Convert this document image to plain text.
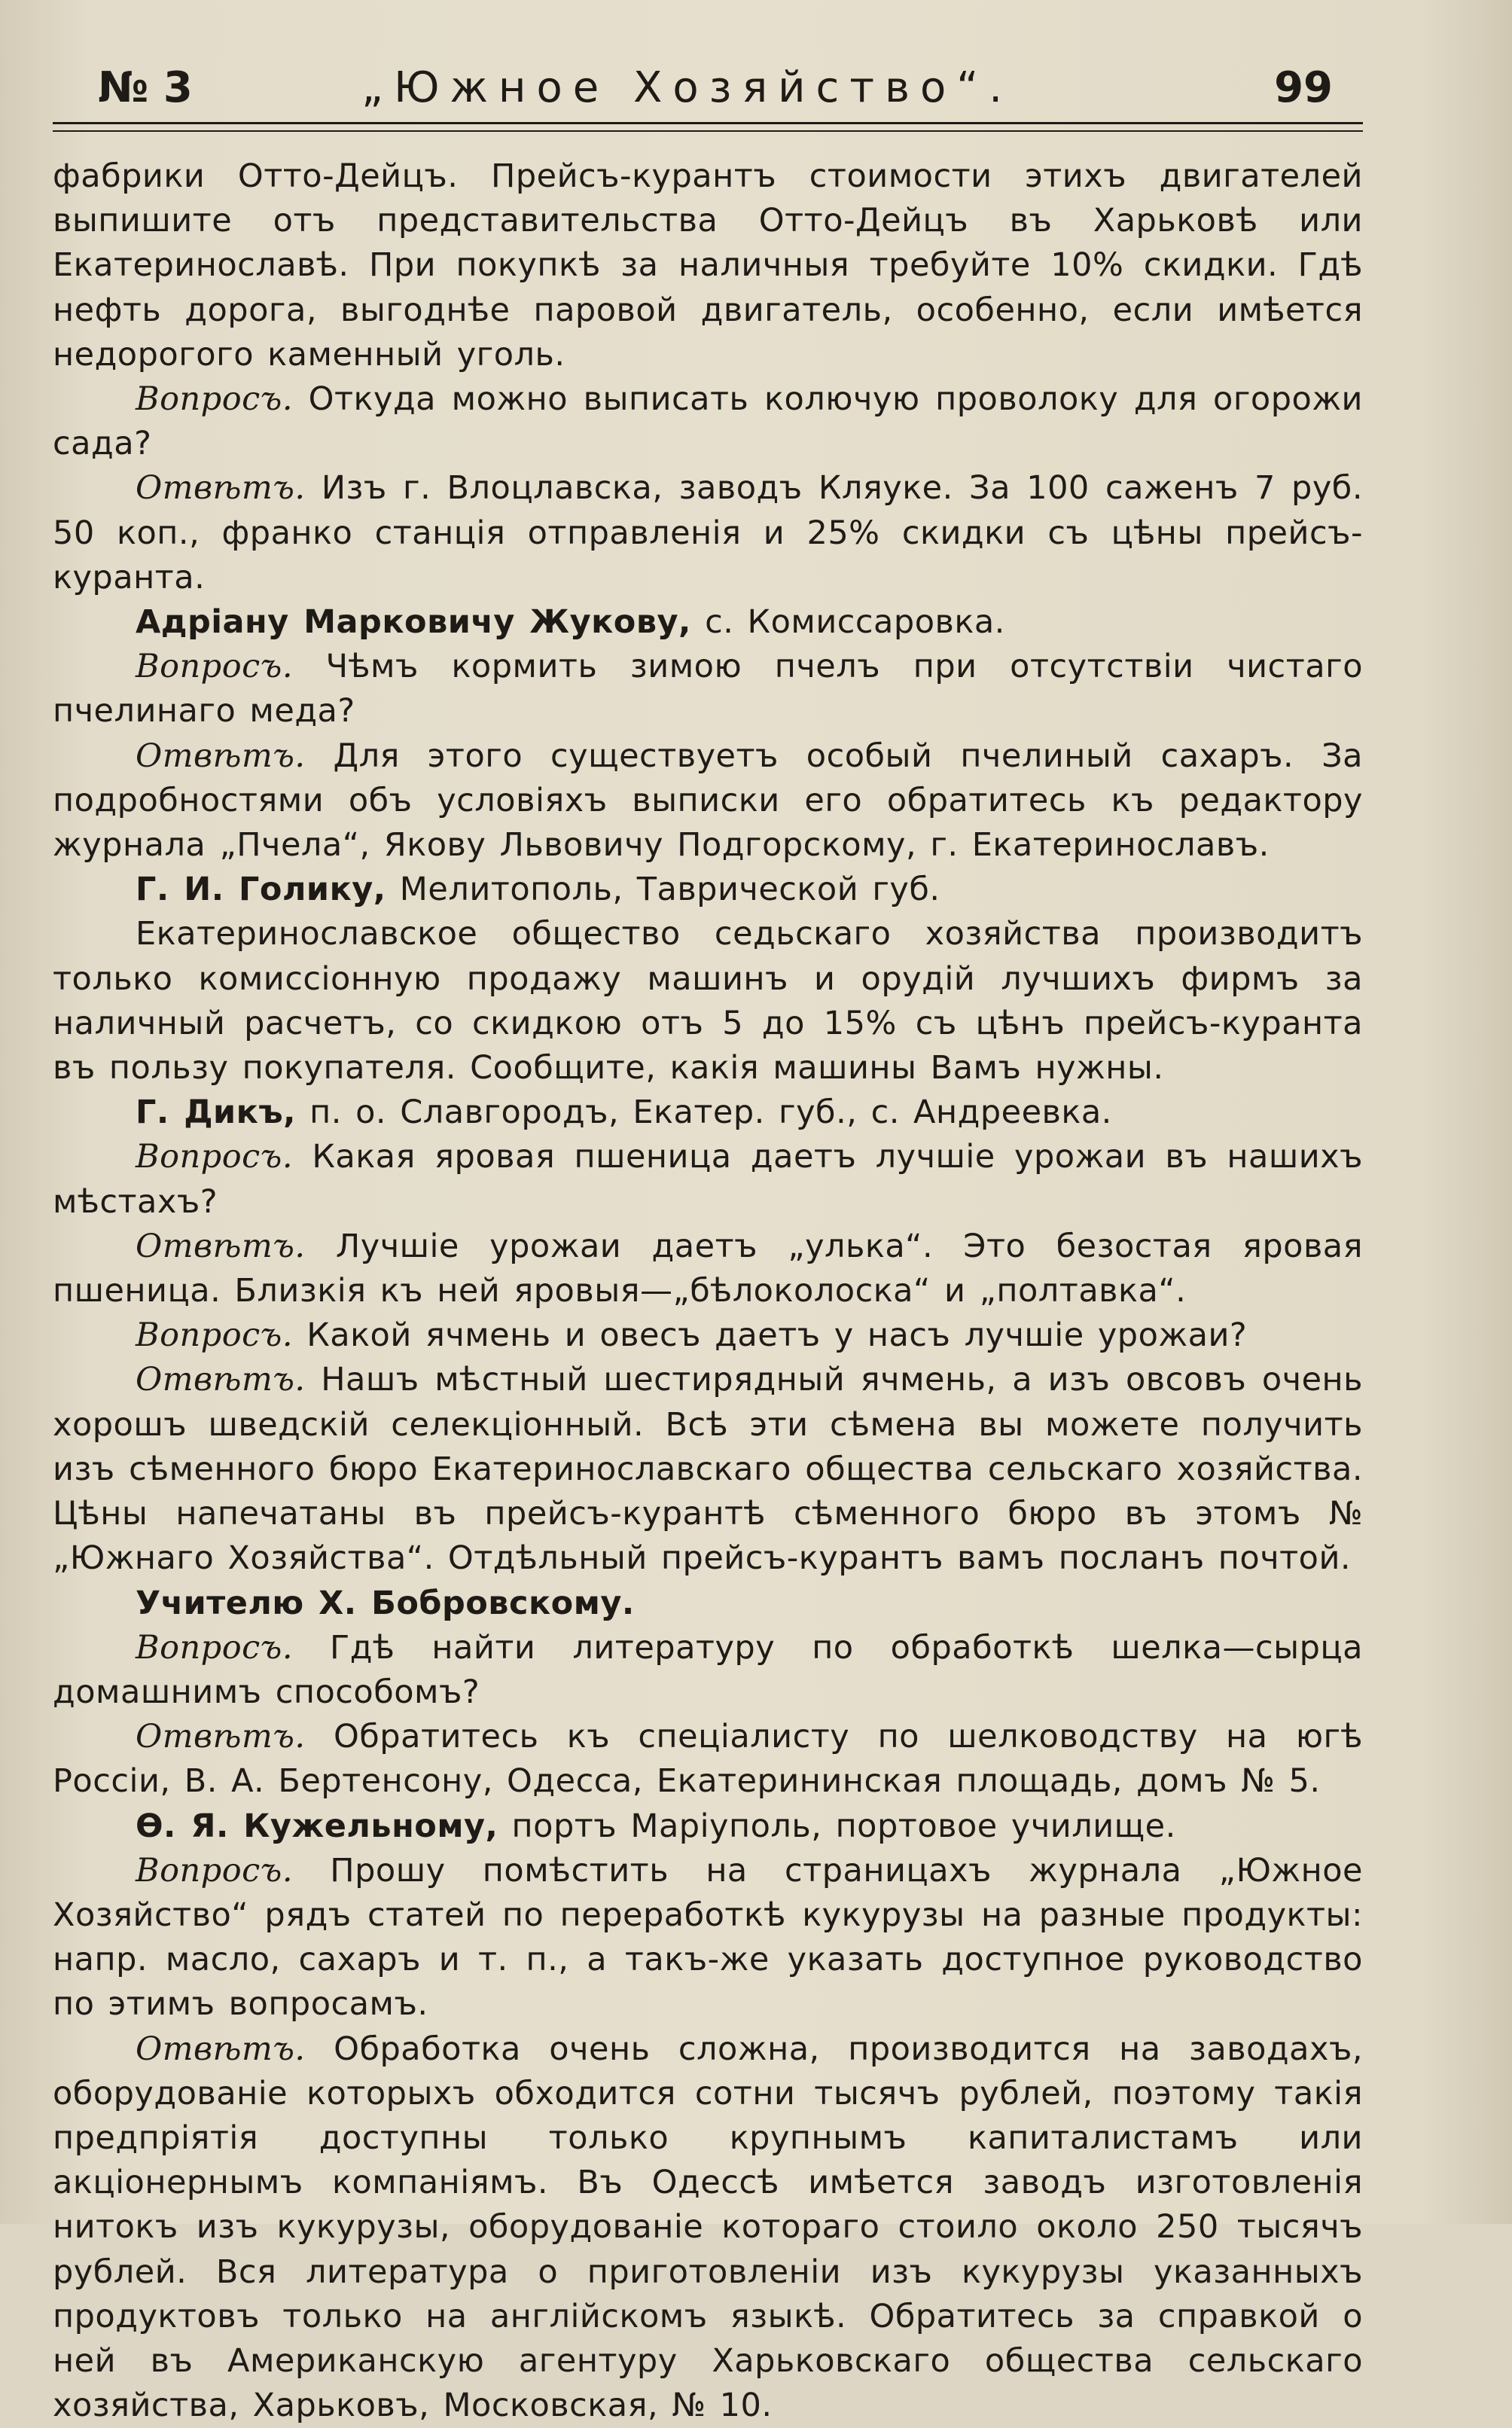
№ 3	„Южное Хозяйство“.	99

фабрики Отто-Дейцъ. Прейсъ-курантъ стоимости этихъ двигателей выпишите отъ представительства Отто-Дейцъ въ Харьковѣ или Екатеринославѣ. При покупкѣ за наличныя требуйте 10% скидки. Гдѣ нефть дорога, выгоднѣе паровой двигатель, особенно, если имѣется недорогого каменный уголь.

Вопросъ. Откуда можно выписать колючую проволоку для огорожи сада?

Отвѣтъ. Изъ г. Влоцлавска, заводъ Кляуке. За 100 саженъ 7 руб. 50 коп., франко станція отправленія и 25% скидки съ цѣны прейсъ-куранта.

Адріану Марковичу Жукову, с. Комиссаровка.

Вопросъ. Чѣмъ кормить зимою пчелъ при отсутствіи чистаго пчелинаго меда?

Отвѣтъ. Для этого существуетъ особый пчелиный сахаръ. За подробностями объ условіяхъ выписки его обратитесь къ редактору журнала „Пчела“, Якову Львовичу Подгорскому, г. Екатеринославъ.

Г. И. Голику, Мелитополь, Таврической губ.

Екатеринославское общество седьскаго хозяйства производитъ только комиссіонную продажу машинъ и орудій лучшихъ фирмъ за наличный расчетъ, со скидкою отъ 5 до 15% съ цѣнъ прейсъ-куранта въ пользу покупателя. Сообщите, какія машины Вамъ нужны.

Г. Дикъ, п. о. Славгородъ, Екатер. губ., с. Андреевка.

Вопросъ. Какая яровая пшеница даетъ лучшіе урожаи въ нашихъ мѣстахъ?

Отвѣтъ. Лучшіе урожаи даетъ „улька“. Это безостая яровая пшеница. Близкія къ ней яровыя—„бѣлоколоска“ и „полтавка“.

Вопросъ. Какой ячмень и овесъ даетъ у насъ лучшіе урожаи?

Отвѣтъ. Нашъ мѣстный шестирядный ячмень, а изъ овсовъ очень хорошъ шведскій селекціонный. Всѣ эти сѣмена вы можете получить изъ сѣменного бюро Екатеринославскаго общества сельскаго хозяйства. Цѣны напечатаны въ прейсъ-курантѣ сѣменного бюро въ этомъ № „Южнаго Хозяйства“. Отдѣльный прейсъ-курантъ вамъ посланъ почтой.

Учителю Х. Бобровскому.

Вопросъ. Гдѣ найти литературу по обработкѣ шелка—сырца домашнимъ способомъ?

Отвѣтъ. Обратитесь къ спеціалисту по шелководству на югѣ Россіи, В. А. Бертенсону, Одесса, Екатерининская площадь, домъ № 5.

Ѳ. Я. Кужельному, портъ Маріуполь, портовое училище.

Вопросъ. Прошу помѣстить на страницахъ журнала „Южное Хозяйство“ рядъ статей по переработкѣ кукурузы на разные продукты: напр. масло, сахаръ и т. п., а такъ-же указать доступное руководство по этимъ вопросамъ.

Отвѣтъ. Обработка очень сложна, производится на заводахъ, оборудованіе которыхъ обходится сотни тысячъ рублей, поэтому такія предпріятія доступны только крупнымъ капиталистамъ или акціонернымъ компаніямъ. Въ Одессѣ имѣется заводъ изготовленія нитокъ изъ кукурузы, оборудованіе котораго стоило около 250 тысячъ рублей. Вся литература о приготовленіи изъ кукурузы указанныхъ продуктовъ только на англійскомъ языкѣ. Обратитесь за справкой о ней въ Американскую агентуру Харьковскаго общества сельскаго хозяйства, Харьковъ, Московская, № 10.
